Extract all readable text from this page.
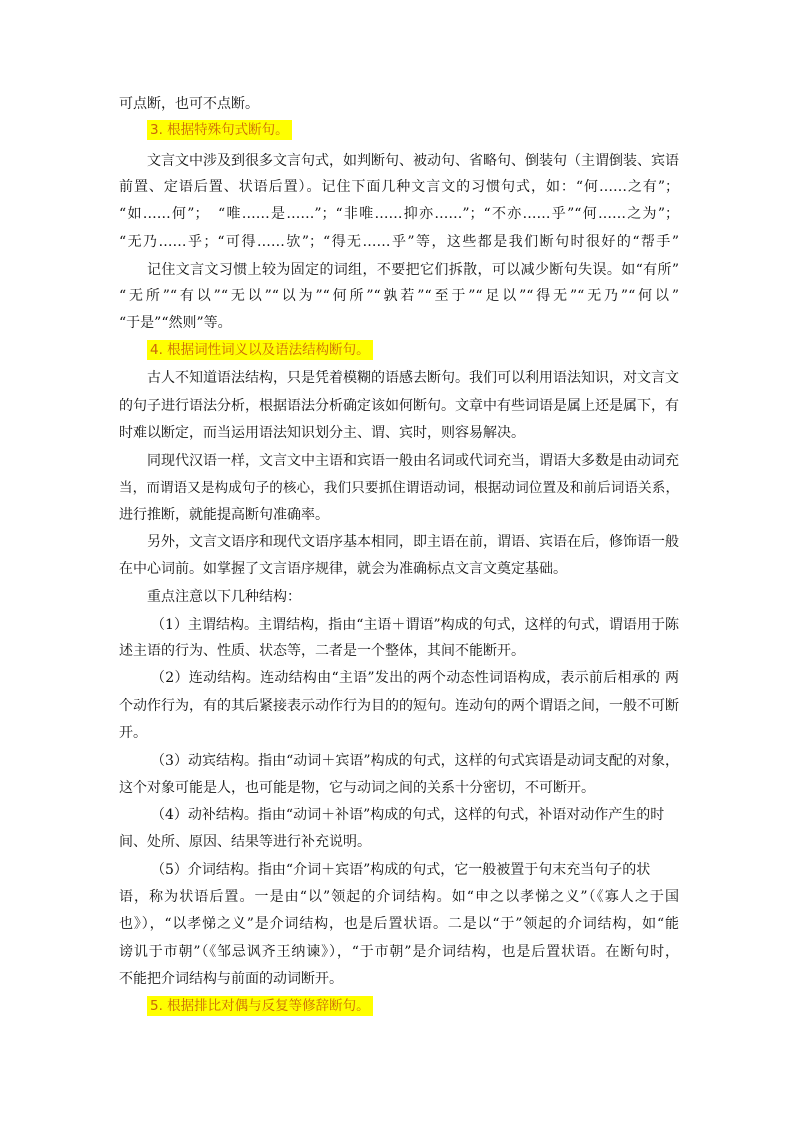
可点断，也可不点断。
3. 根据特殊句式断句。
文言文中涉及到很多文言句式，如判断句、被动句、省略句、倒装句（主谓倒装、宾语
前置、定语后置、状语后置）。记住下面几种文言文的习惯句式，如：“何……之有”；
“如……何”；　“唯……是……”；“非唯……抑亦……”；“不亦……乎”“何……之为”；
“无乃……乎；“可得……欤”；“得无……乎”等，这些都是我们断句时很好的“帮手”
记住文言文习惯上较为固定的词组，不要把它们拆散，可以减少断句失误。如“有所”
“无所”“有以”“无以”“以为”“何所”“孰若”“至于”“足以”“得无”“无乃”“何以”
“于是”“然则”等。
4. 根据词性词义以及语法结构断句。
古人不知道语法结构，只是凭着模糊的语感去断句。我们可以利用语法知识，对文言文
的句子进行语法分析，根据语法分析确定该如何断句。文章中有些词语是属上还是属下，有
时难以断定，而当运用语法知识划分主、谓、宾时，则容易解决。
同现代汉语一样，文言文中主语和宾语一般由名词或代词充当，谓语大多数是由动词充
当，而谓语又是构成句子的核心，我们只要抓住谓语动词，根据动词位置及和前后词语关系，
进行推断，就能提高断句准确率。
另外，文言文语序和现代文语序基本相同，即主语在前，谓语、宾语在后，修饰语一般
在中心词前。如掌握了文言语序规律，就会为准确标点文言文奠定基础。
重点注意以下几种结构：
（1）主谓结构。主谓结构，指由“主语＋谓语”构成的句式，这样的句式，谓语用于陈
述主语的行为、性质、状态等，二者是一个整体，其间不能断开。
（2）连动结构。连动结构由“主语”发出的两个动态性词语构成，表示前后相承的 两
个动作行为，有的其后紧接表示动作行为目的的短句。连动句的两个谓语之间，一般不可断
开。
（3）动宾结构。指由“动词＋宾语”构成的句式，这样的句式宾语是动词支配的对象，
这个对象可能是人，也可能是物，它与动词之间的关系十分密切，不可断开。
（4）动补结构。指由“动词＋补语”构成的句式，这样的句式，补语对动作产生的时
间、处所、原因、结果等进行补充说明。
（5）介词结构。指由“介词＋宾语”构成的句式，它一般被置于句末充当句子的状
语，称为状语后置。一是由“以”领起的介词结构。如“申之以孝悌之义”（《寡人之于国
也》），“以孝悌之义”是介词结构，也是后置状语。二是以“于”领起的介词结构，如“能
谤讥于市朝”（《邹忌讽齐王纳谏》），“于市朝”是介词结构，也是后置状语。在断句时，
不能把介词结构与前面的动词断开。
5. 根据排比对偶与反复等修辞断句。
